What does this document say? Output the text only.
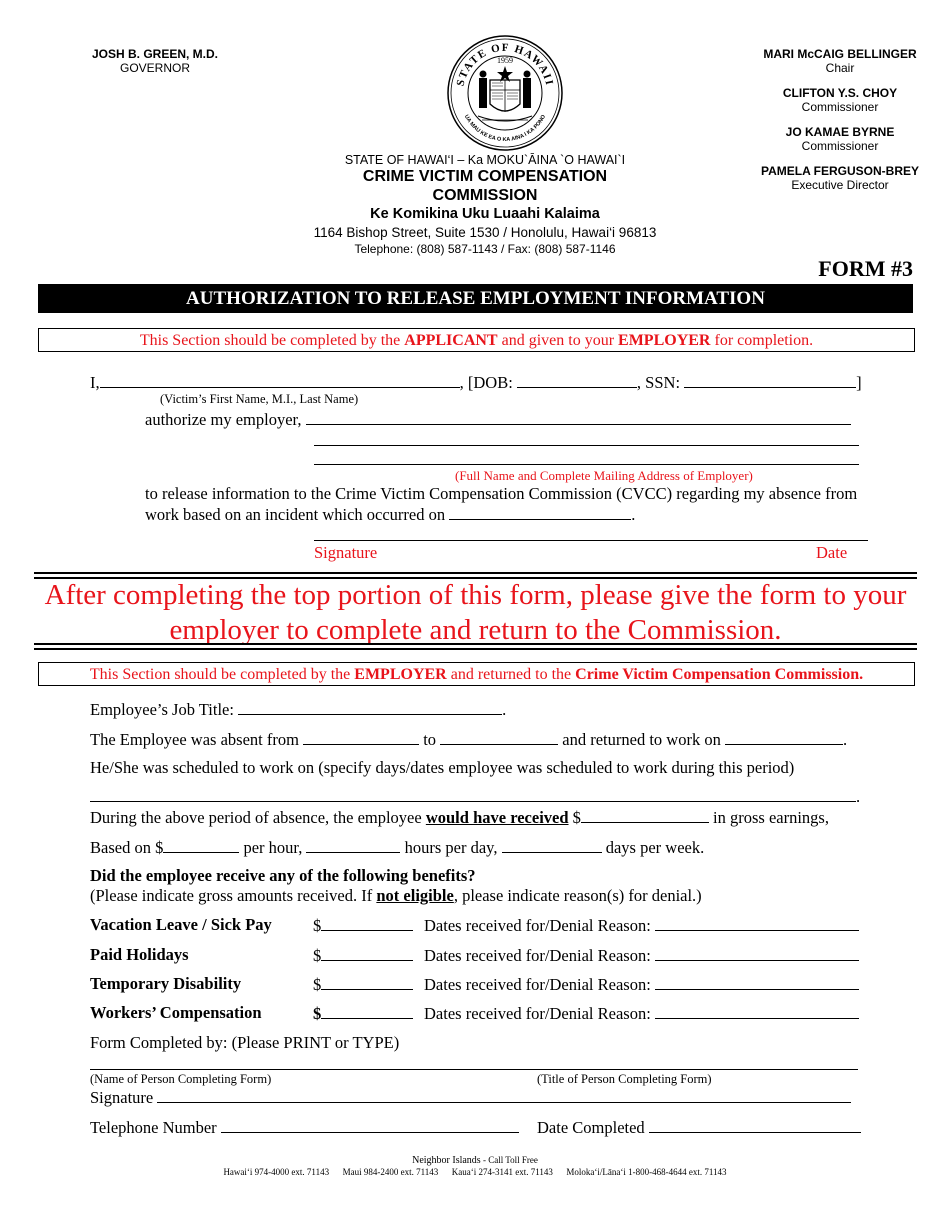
JOSH B. GREEN, M.D.
GOVERNOR
STATE OF HAWAII
UA MAU KE EA O KA AINA I KA PONO
1959
STATE OF HAWAI‘I – Ka MOKU`ĀINA `O HAWAI`I
CRIME VICTIM COMPENSATION
COMMISSION
Ke Komikina Uku Luaahi Kalaima
1164 Bishop Street, Suite 1530 / Honolulu, Hawai‘i 96813
Telephone: (808) 587-1143 / Fax: (808) 587-1146
MARI McCAIG BELLINGER
Chair
CLIFTON Y.S. CHOY
Commissioner
JO KAMAE BYRNE
Commissioner
PAMELA FERGUSON-BREY
Executive Director
FORM #3
AUTHORIZATION TO RELEASE EMPLOYMENT INFORMATION
This Section should be completed by the APPLICANT and given to your EMPLOYER for completion.
I,	, [DOB:	, SSN:	]
(Victim’s First Name, M.I., Last Name)
authorize my employer,
(Full Name and Complete Mailing Address of Employer)
to release information to the Crime Victim Compensation Commission (CVCC) regarding my absence from
work based on an incident which occurred on	.
Signature	Date
After completing the top portion of this form, please give the form to your employer to complete and return to the Commission.
This Section should be completed by the EMPLOYER and returned to the Crime Victim Compensation Commission.
Employee’s Job Title:	.
The Employee was absent from	to	and returned to work on	.
He/She was scheduled to work on (specify days/dates employee was scheduled to work during this period)
.
During the above period of absence, the employee would have received $	in gross earnings,
Based on $	per hour,	hours per day,	days per week.
Did the employee receive any of the following benefits?
(Please indicate gross amounts received. If not eligible, please indicate reason(s) for denial.)
Vacation Leave / Sick Pay $	Dates received for/Denial Reason:
Paid Holidays	$	Dates received for/Denial Reason:
Temporary Disability	$	Dates received for/Denial Reason:
Workers’ Compensation	$	Dates received for/Denial Reason:
Form Completed by: (Please PRINT or TYPE)
(Name of Person Completing Form)	(Title of Person Completing Form)
Signature
Telephone Number	Date Completed
Neighbor Islands - Call Toll Free
Hawai‘i 974-4000 ext. 71143 Maui 984-2400 ext. 71143 Kaua‘i 274-3141 ext. 71143 Moloka‘i/Lāna‘i 1-800-468-4644 ext. 71143
